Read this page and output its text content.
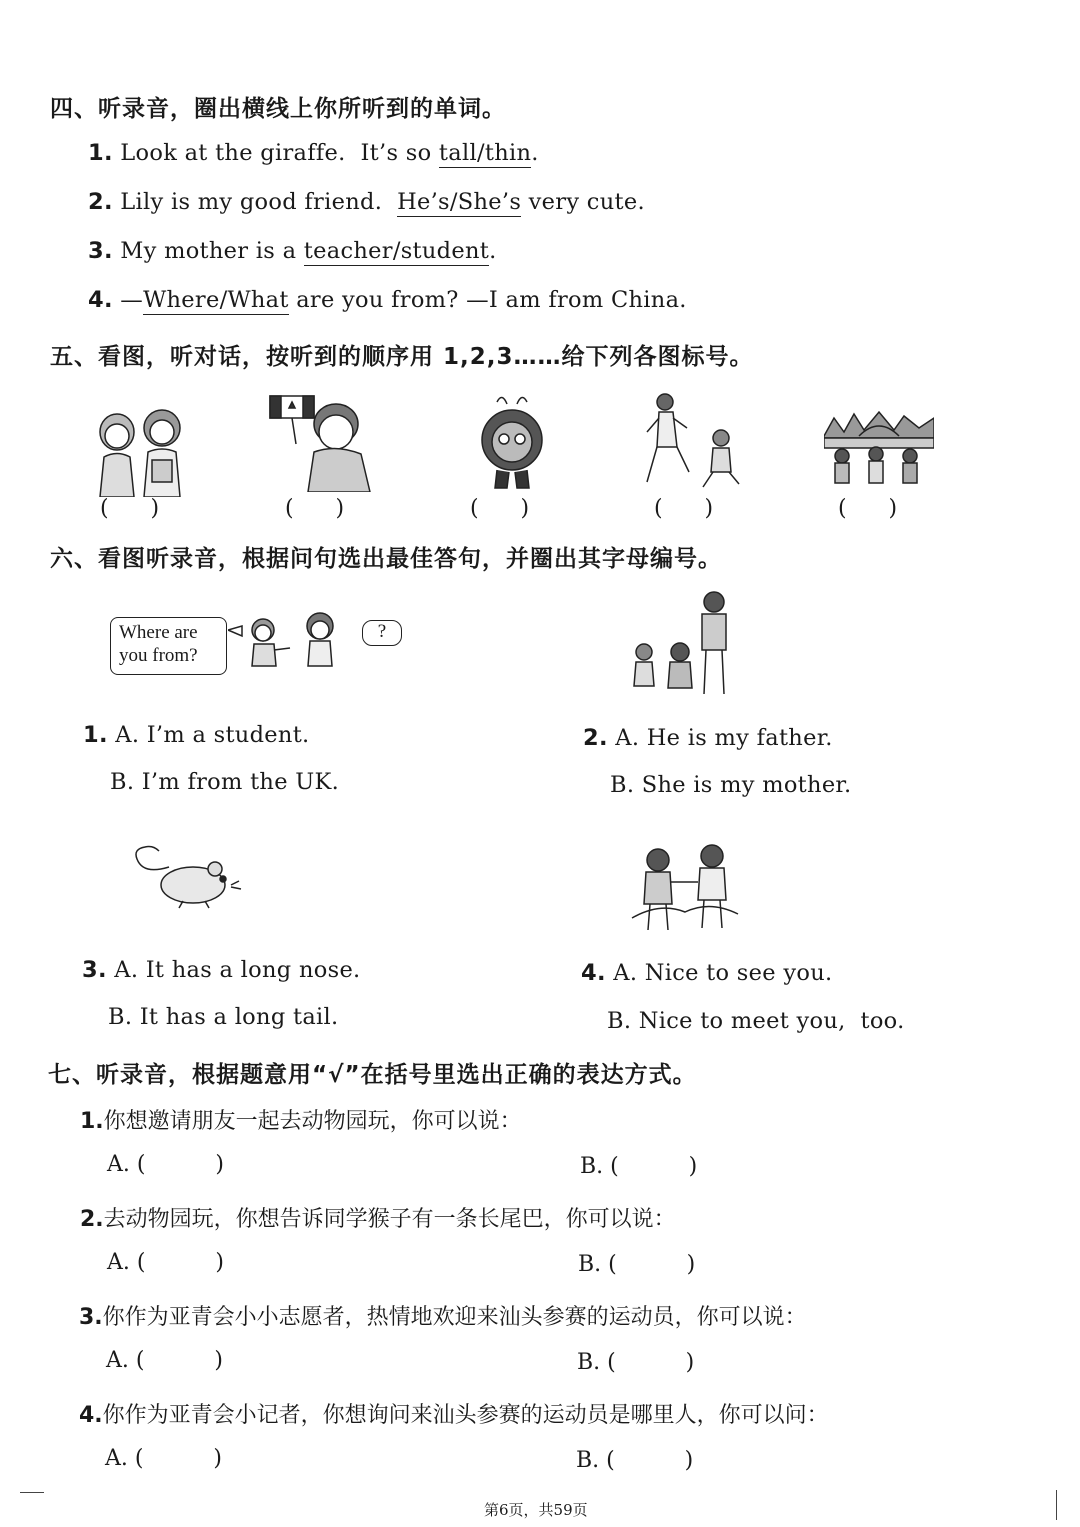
四、听录音，圈出横线上你所听到的单词。
1. Look at the giraffe.  It’s so tall/thin.
2. Lily is my good friend.  He’s/She’s very cute.
3. My mother is a teacher/student.
4. —Where/What are you from? —I am from China.
五、看图，听对话，按听到的顺序用 1,2,3……给下列各图标号。
(      )	(      )	(      )	(      )	(      )
六、看图听录音，根据问句选出最佳答句，并圈出其字母编号。
Where are
you from?
?
1. A. I’m a student.
B. I’m from the UK.
2. A. He is my father.
B. She is my mother.
3. A. It has a long nose.
B. It has a long tail.
4. A. Nice to see you.
B. Nice to meet you,  too.
七、听录音，根据题意用“√”在括号里选出正确的表达方式。
1.你想邀请朋友一起去动物园玩，你可以说：
A. (          )	B. (          )
2.去动物园玩，你想告诉同学猴子有一条长尾巴，你可以说：
A. (          )	B. (          )
3.你作为亚青会小小志愿者，热情地欢迎来汕头参赛的运动员，你可以说：
A. (          )	B. (          )
4.你作为亚青会小记者，你想询问来汕头参赛的运动员是哪里人，你可以问：
A. (          )	B. (          )
第6页，共59页
